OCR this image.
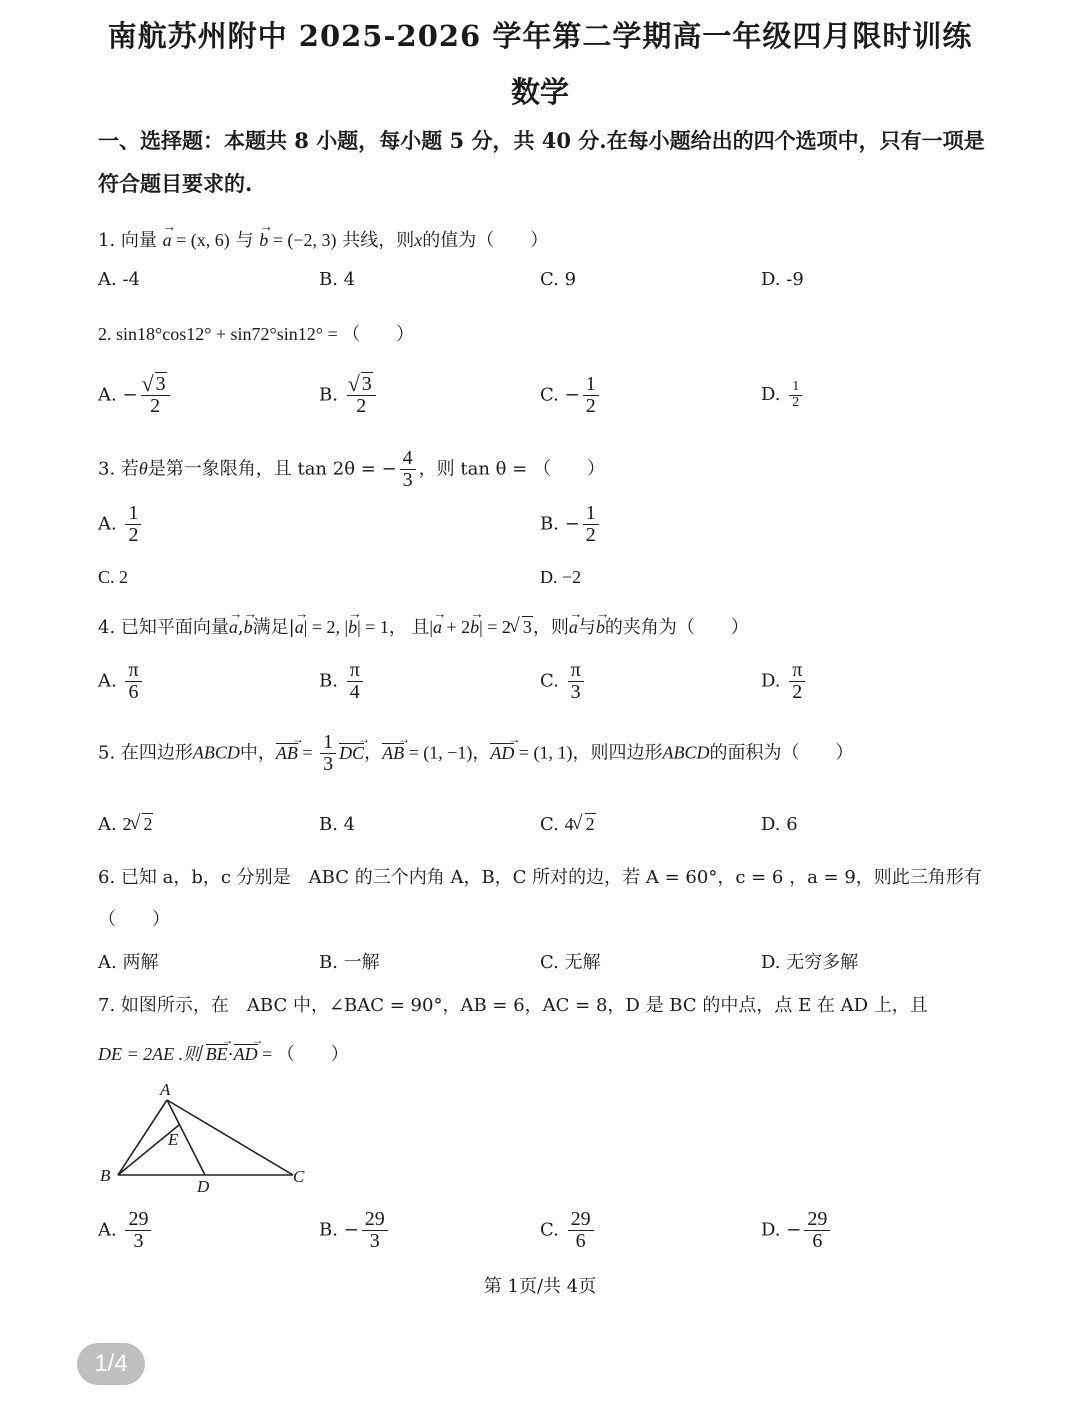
南航苏州附中 2025-2026 学年第二学期高一年级四月限时训练
数学
一、选择题：本题共 8 小题，每小题 5 分，共 40 分.在每小题给出的四个选项中，只有一项是
符合题目要求的.
1. 向量 → a = (x, 6) 与 → b = (−2, 3) 共线，则x的值为（　　）
A. -4	B. 4	C. 9	D. -9
2. sin18°cos12° + sin72°sin12° = （　　）
A. − √ $\frac{3}{2}$	B. √ $\frac{3}{2}$	C. − $\frac{1}{2}$	D. $\frac{1}{2}$
3. 若θ是第一象限角，且 tan 2θ = − $\frac{4}{3}$ ，则 tan θ = （　　）
A. $\frac{1}{2}$	B. − $\frac{1}{2}$
C. 2	D. −2
4. 已知平面向量→ a,→ b满足|→ a| = 2, |→ b| = 1， 且|→ a + 2→ b| = 2 √ 3，则→ a与→ b的夹角为（　　）
A. $\frac{\pi}{6}$	B. $\frac{\pi}{4}$	C. $\frac{\pi}{3}$	D. $\frac{\pi}{2}$
5. 在四边形ABCD中，AB → = $\frac{1}{3}$ DC →，AB → = (1, −1)，AD → = (1, 1)，则四边形ABCD的面积为（　　）
A. 2 √ 2	B. 4	C. 4 √ 2	D. 6
6. 已知 a，b，c 分别是　ABC 的三个内角 A，B，C 所对的边，若 A = 60°，c = 6 ，a = 9，则此三角形有
（　　）
A. 两解	B. 一解	C. 无解	D. 无穷多解
7. 如图所示，在　ABC 中，∠BAC = 90°，AB = 6，AC = 8，D 是 BC 的中点，点 E 在 AD 上，且
DE = 2AE .则 BE →·AD → = （　　）
A
B	C
D
E
A. $\frac{29}{3}$	B. − $\frac{29}{3}$	C. $\frac{29}{6}$	D. − $\frac{29}{6}$
第 1页/共 4页
1/4
